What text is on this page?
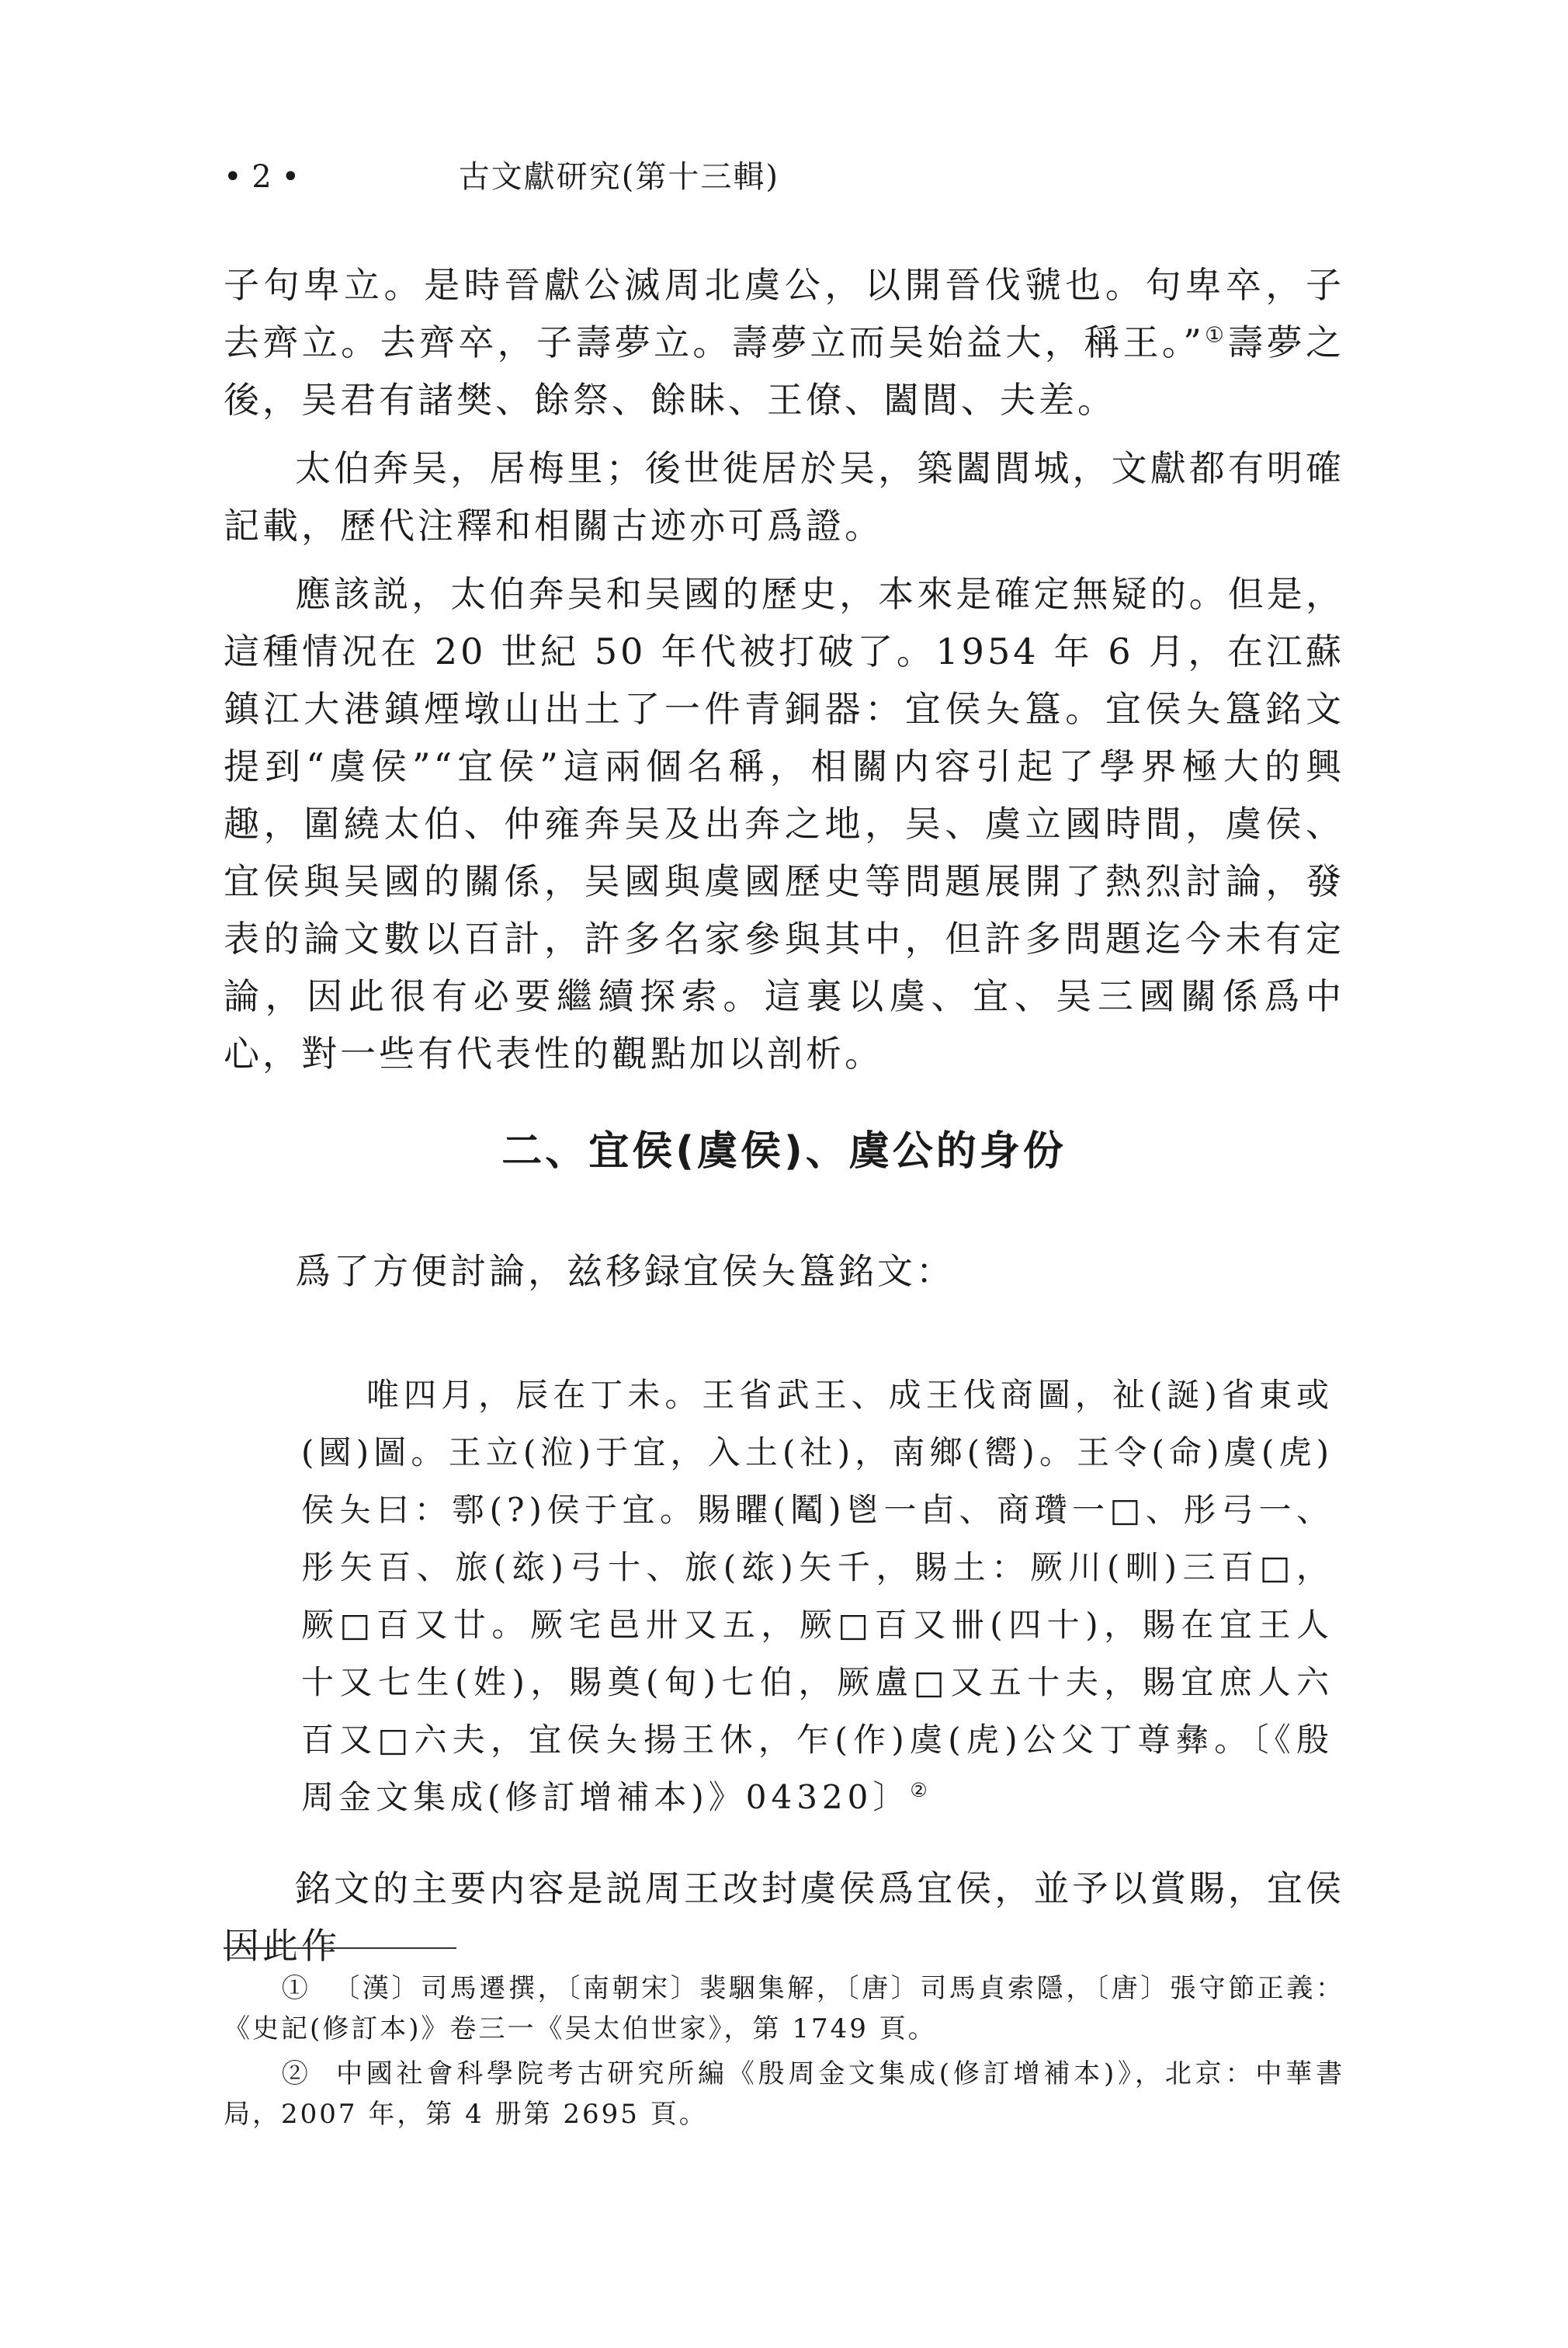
• 2 •	古文獻研究(第十三輯)

子句卑立。是時晉獻公滅周北虞公，以開晉伐虢也。句卑卒，子去齊立。去齊卒，子壽夢立。壽夢立而吴始益大，稱王。”①壽夢之後，吴君有諸樊、餘祭、餘眛、王僚、闔閭、夫差。

太伯奔吴，居梅里；後世徙居於吴，築闔閭城，文獻都有明確記載，歷代注釋和相關古迹亦可爲證。

應該説，太伯奔吴和吴國的歷史，本來是確定無疑的。但是，這種情况在 20 世紀 50 年代被打破了。1954 年 6 月，在江蘇鎮江大港鎮煙墩山出土了一件青銅器：宜侯夨簋。宜侯夨簋銘文提到“虞侯”“宜侯”這兩個名稱，相關内容引起了學界極大的興趣，圍繞太伯、仲雍奔吴及出奔之地，吴、虞立國時間，虞侯、宜侯與吴國的關係，吴國與虞國歷史等問題展開了熱烈討論，發表的論文數以百計，許多名家參與其中，但許多問題迄今未有定論，因此很有必要繼續探索。這裏以虞、宜、吴三國關係爲中心，對一些有代表性的觀點加以剖析。

二、宜侯(虞侯)、虞公的身份

爲了方便討論，兹移録宜侯夨簋銘文：

唯四月，辰在丁未。王省武王、成王伐商圖，祉(誕)省東或(國)圖。王立(涖)于宜，入土(社)，南鄉(嚮)。王令(命)虞(虎)侯夨曰：鄠(?)侯于宜。賜䂂(䰗)鬯一卣、商瓚一□、彤弓一、彤矢百、旅(玈)弓十、旅(玈)矢千，賜土：厥川(甽)三百□，厥□百又廿。厥宅邑卅又五，厥□百又卌(四十)，賜在宜王人十又七生(姓)，賜奠(甸)七伯，厥盧□又五十夫，賜宜庶人六百又□六夫，宜侯夨揚王休，乍(作)虞(虎)公父丁尊彝。〔《殷周金文集成(修訂增補本)》04320〕②

銘文的主要内容是説周王改封虞侯爲宜侯，並予以賞賜，宜侯因此作

① 〔漢〕司馬遷撰，〔南朝宋〕裴駰集解，〔唐〕司馬貞索隱，〔唐〕張守節正義：《史記(修訂本)》卷三一《吴太伯世家》，第 1749 頁。

② 中國社會科學院考古研究所編《殷周金文集成(修訂增補本)》，北京：中華書局，2007 年，第 4 册第 2695 頁。
